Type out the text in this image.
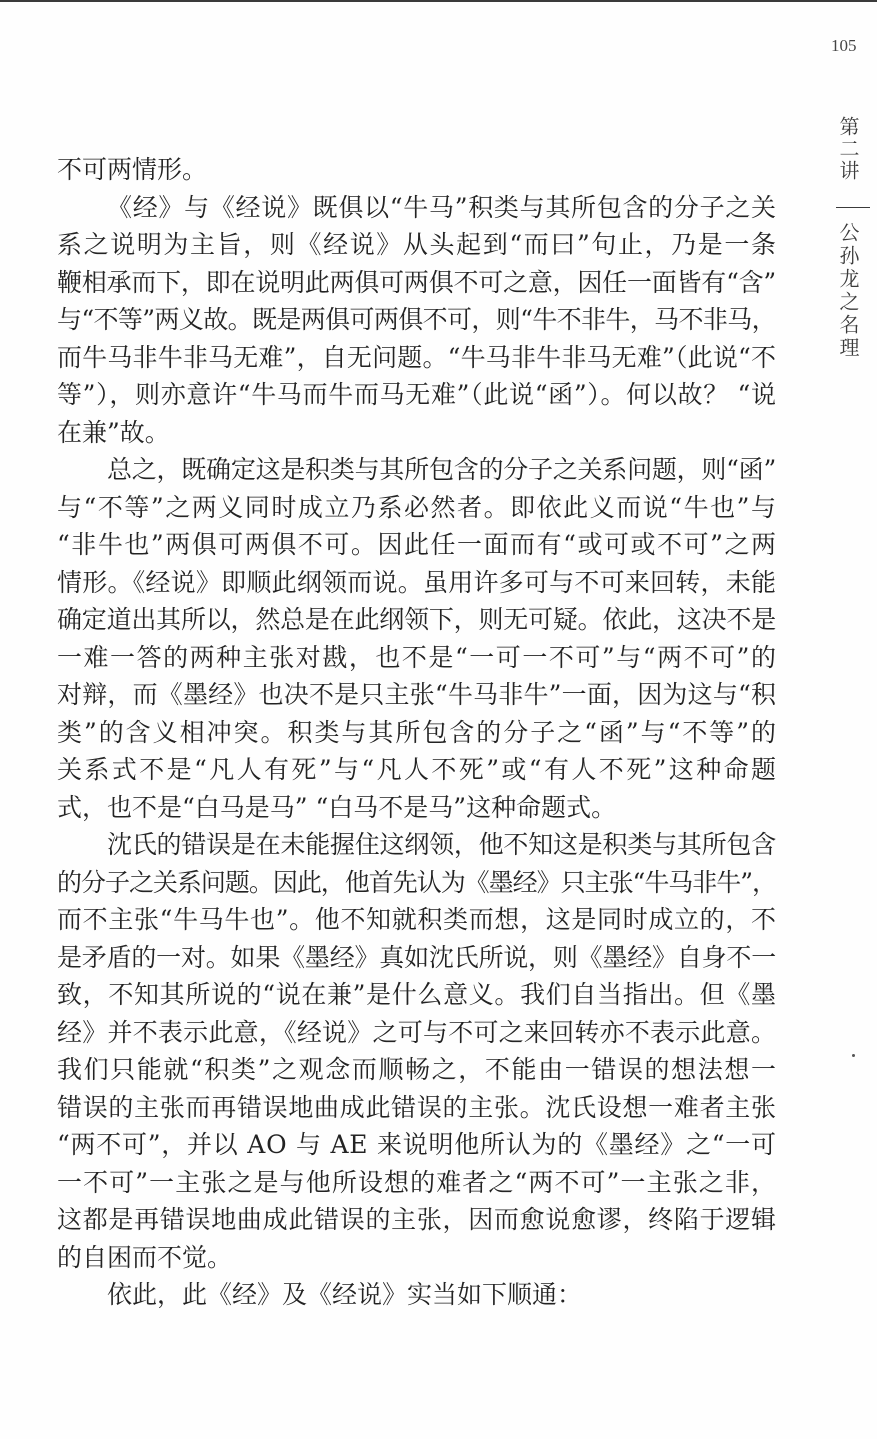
105
第二讲
公孙龙之名理
不可两情形。
《经》与《经说》既俱以“牛马”积类与其所包含的分子之关
系之说明为主旨，则《经说》从头起到“而曰”句止，乃是一条
鞭相承而下，即在说明此两俱可两俱不可之意，因任一面皆有“含”
与“不等”两义故。既是两俱可两俱不可，则“牛不非牛，马不非马，
而牛马非牛非马无难”，自无问题。“牛马非牛非马无难”（此说“不
等”），则亦意许“牛马而牛而马无难”（此说“函”）。何以故？ “说
在兼”故。
总之，既确定这是积类与其所包含的分子之关系问题，则“函”
与“不等”之两义同时成立乃系必然者。即依此义而说“牛也”与
“非牛也”两俱可两俱不可。因此任一面而有“或可或不可”之两
情形。《经说》即顺此纲领而说。虽用许多可与不可来回转，未能
确定道出其所以，然总是在此纲领下，则无可疑。依此，这决不是
一难一答的两种主张对戡，也不是“一可一不可”与“两不可”的
对辩，而《墨经》也决不是只主张“牛马非牛”一面，因为这与“积
类”的含义相冲突。积类与其所包含的分子之“函”与“不等”的
关系式不是“凡人有死”与“凡人不死”或“有人不死”这种命题
式，也不是“白马是马” “白马不是马”这种命题式。
沈氏的错误是在未能握住这纲领，他不知这是积类与其所包含
的分子之关系问题。因此，他首先认为《墨经》只主张“牛马非牛”，
而不主张“牛马牛也”。他不知就积类而想，这是同时成立的，不
是矛盾的一对。如果《墨经》真如沈氏所说，则《墨经》自身不一
致，不知其所说的“说在兼”是什么意义。我们自当指出。但《墨
经》并不表示此意，《经说》之可与不可之来回转亦不表示此意。
我们只能就“积类”之观念而顺畅之，不能由一错误的想法想一
错误的主张而再错误地曲成此错误的主张。沈氏设想一难者主张
“两不可”，并以 AO 与 AE 来说明他所认为的《墨经》之“一可
一不可”一主张之是与他所设想的难者之“两不可”一主张之非，
这都是再错误地曲成此错误的主张，因而愈说愈谬，终陷于逻辑
的自困而不觉。
依此，此《经》及《经说》实当如下顺通：
